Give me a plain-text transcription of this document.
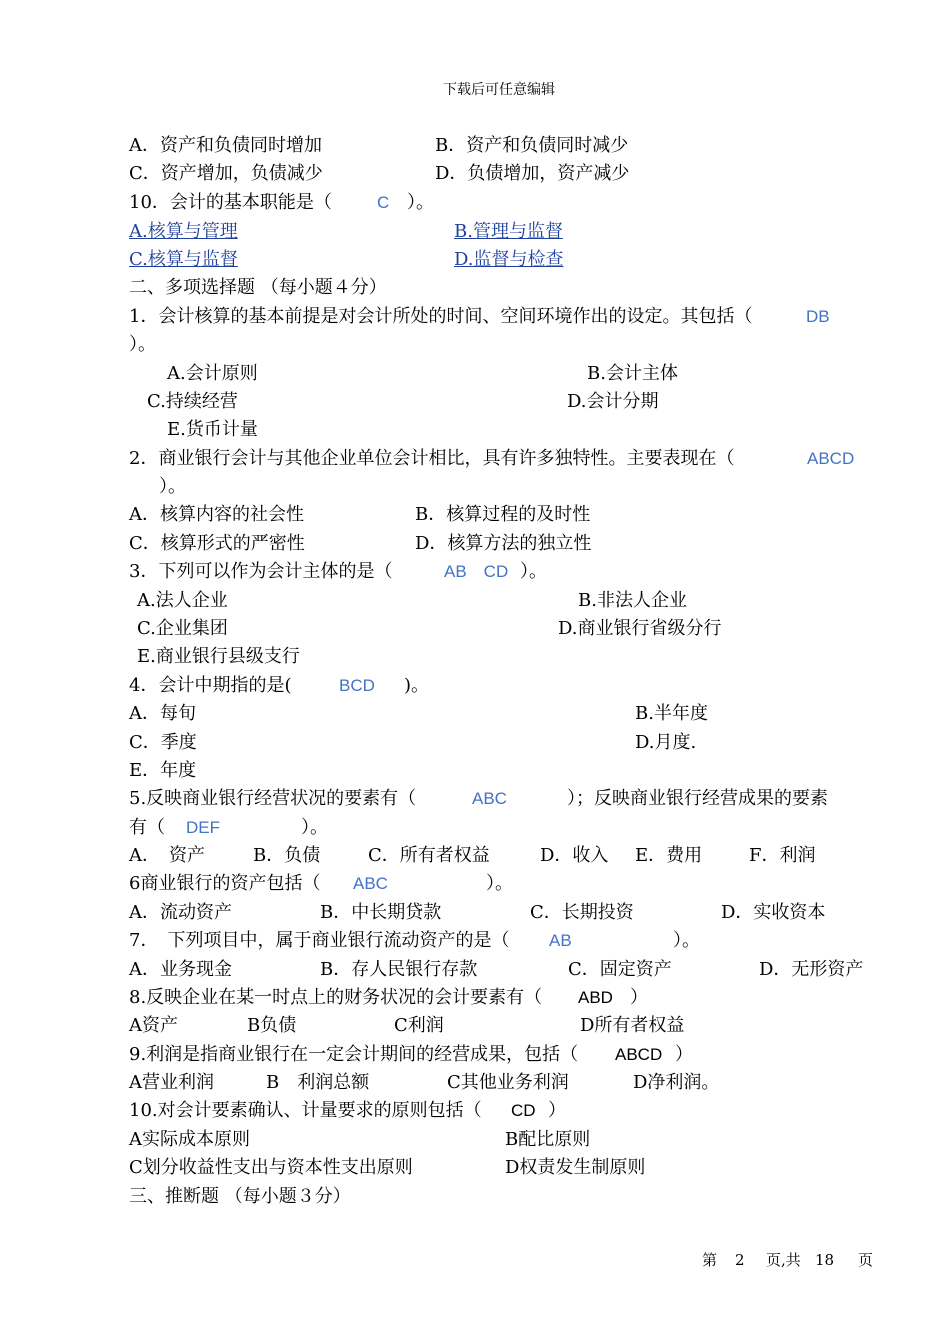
下载后可任意编辑
A．资产和负债同时增加	B．资产和负债同时减少
C．资产增加，负债减少	D．负债增加，资产减少
10．会计的基本职能是（	C ）。
A.核算与管理	B.管理与监督
C.核算与监督	D.监督与检查
二、多项选择题 （每小题４分）
1．会计核算的基本前提是对会计所处的时间、空间环境作出的设定。其包括（	DB
）。
A.会计原则	B.会计主体
C.持续经营	D.会计分期
E.货币计量
2．商业银行会计与其他企业单位会计相比，具有许多独特性。主要表现在（	ABCD
）。
A．核算内容的社会性	B．核算过程的及时性
C．核算形式的严密性	D．核算方法的独立性
3．下列可以作为会计主体的是（	AB　CD ）。
A.法人企业	B.非法人企业
C.企业集团	D.商业银行省级分行
E.商业银行县级支行
4．会计中期指的是(	BCD )。
A．每旬	B.半年度
C．季度	D.月度.
E．年度
5.反映商业银行经营状况的要素有（	ABC	）；反映商业银行经营成果的要素
有（ DEF	）。
A．　资产	B．负债	C．所有者权益	D．收入 E．费用	F．利润
6商业银行的资产包括（ ABC	）。
A．流动资产	B．中长期贷款	C．长期投资	D．实收资本
7．　下列项目中，属于商业银行流动资产的是（ AB	）。
A．业务现金	B．存人民银行存款	C．固定资产	D．无形资产
8.反映企业在某一时点上的财务状况的会计要素有（ ABD ）
A资产	B负债	C利润	D所有者权益
9.利润是指商业银行在一定会计期间的经营成果，包括（ ABCD ）
A营业利润	B　利润总额	C其他业务利润	D净利润。
10.对会计要素确认、计量要求的原则包括（ CD ）
A实际成本原则	B配比原则
C划分收益性支出与资本性支出原则	D权责发生制原则
三、推断题 （每小题３分）
第 2 页,共 18 页
